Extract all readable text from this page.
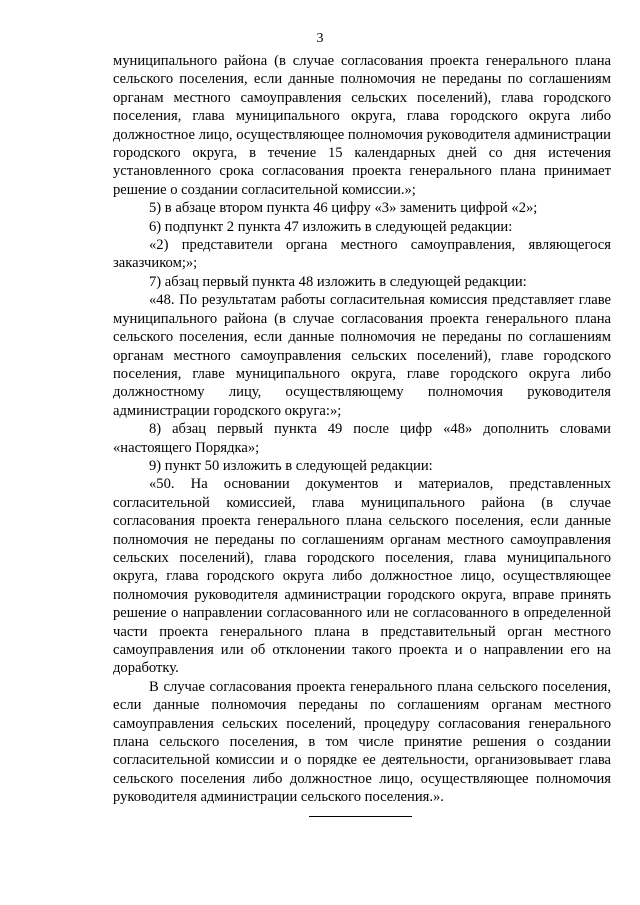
3

муниципального района (в случае согласования проекта генерального плана сельского поселения, если данные полномочия не переданы по соглашениям органам местного самоуправления сельских поселений), глава городского поселения, глава муниципального округа, глава городского округа либо должностное лицо, осуществляющее полномочия руководителя администрации городского округа, в течение 15 календарных дней со дня истечения установленного срока согласования проекта генерального плана принимает решение о создании согласительной комиссии.»;

5) в абзаце втором пункта 46 цифру «3» заменить цифрой «2»;

6) подпункт 2 пункта 47 изложить в следующей редакции:

«2) представители органа местного самоуправления, являющегося заказчиком;»;

7) абзац первый пункта 48 изложить в следующей редакции:

«48. По результатам работы согласительная комиссия представляет главе муниципального района (в случае согласования проекта генерального плана сельского поселения, если данные полномочия не переданы по соглашениям органам местного самоуправления сельских поселений), главе городского поселения, главе муниципального округа, главе городского округа либо должностному лицу, осуществляющему полномочия руководителя администрации городского округа:»;

8) абзац первый пункта 49 после цифр «48» дополнить словами «настоящего Порядка»;

9) пункт 50 изложить в следующей редакции:

«50. На основании документов и материалов, представленных согласительной комиссией, глава муниципального района (в случае согласования проекта генерального плана сельского поселения, если данные полномочия не переданы по соглашениям органам местного самоуправления сельских поселений), глава городского поселения, глава муниципального округа, глава городского округа либо должностное лицо, осуществляющее полномочия руководителя администрации городского округа, вправе принять решение о направлении согласованного или не согласованного в определенной части проекта генерального плана в представительный орган местного самоуправления или об отклонении такого проекта и о направлении его на доработку.

В случае согласования проекта генерального плана сельского поселения, если данные полномочия переданы по соглашениям органам местного самоуправления сельских поселений, процедуру согласования генерального плана сельского поселения, в том числе принятие решения о создании согласительной комиссии и о порядке ее деятельности, организовывает глава сельского поселения либо должностное лицо, осуществляющее полномочия руководителя администрации сельского поселения.».
